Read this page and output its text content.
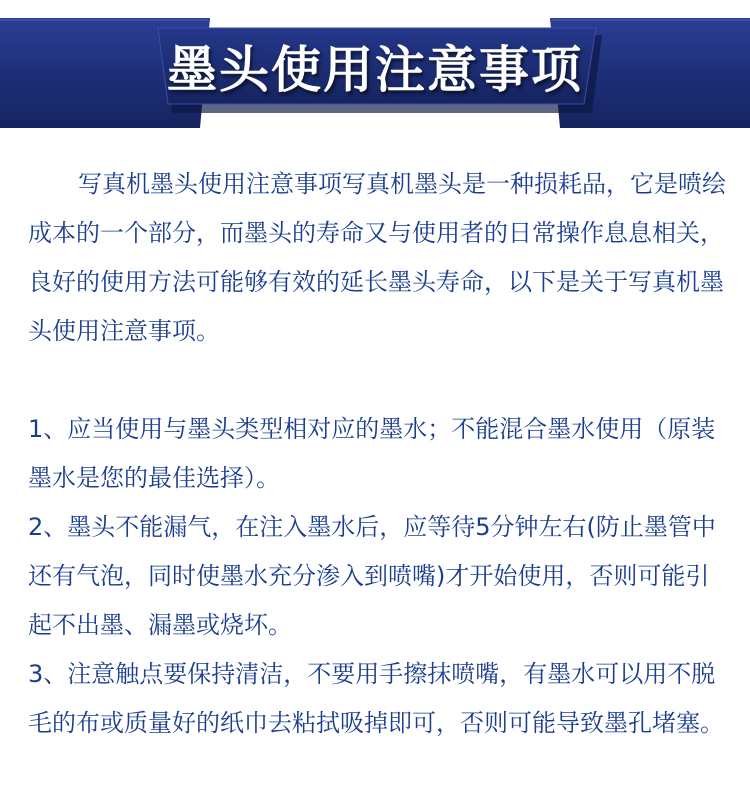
墨头使用注意事项

写真机墨头使用注意事项写真机墨头是一种损耗品，它是喷绘成本的一个部分，而墨头的寿命又与使用者的日常操作息息相关，良好的使用方法可能够有效的延长墨头寿命，以下是关于写真机墨头使用注意事项。

1、应当使用与墨头类型相对应的墨水；不能混合墨水使用（原装墨水是您的最佳选择）。

2、墨头不能漏气，在注入墨水后，应等待5分钟左右(防止墨管中还有气泡，同时使墨水充分渗入到喷嘴)才开始使用，否则可能引起不出墨、漏墨或烧坏。

3、注意触点要保持清洁，不要用手擦抹喷嘴，有墨水可以用不脱毛的布或质量好的纸巾去粘拭吸掉即可，否则可能导致墨孔堵塞。
